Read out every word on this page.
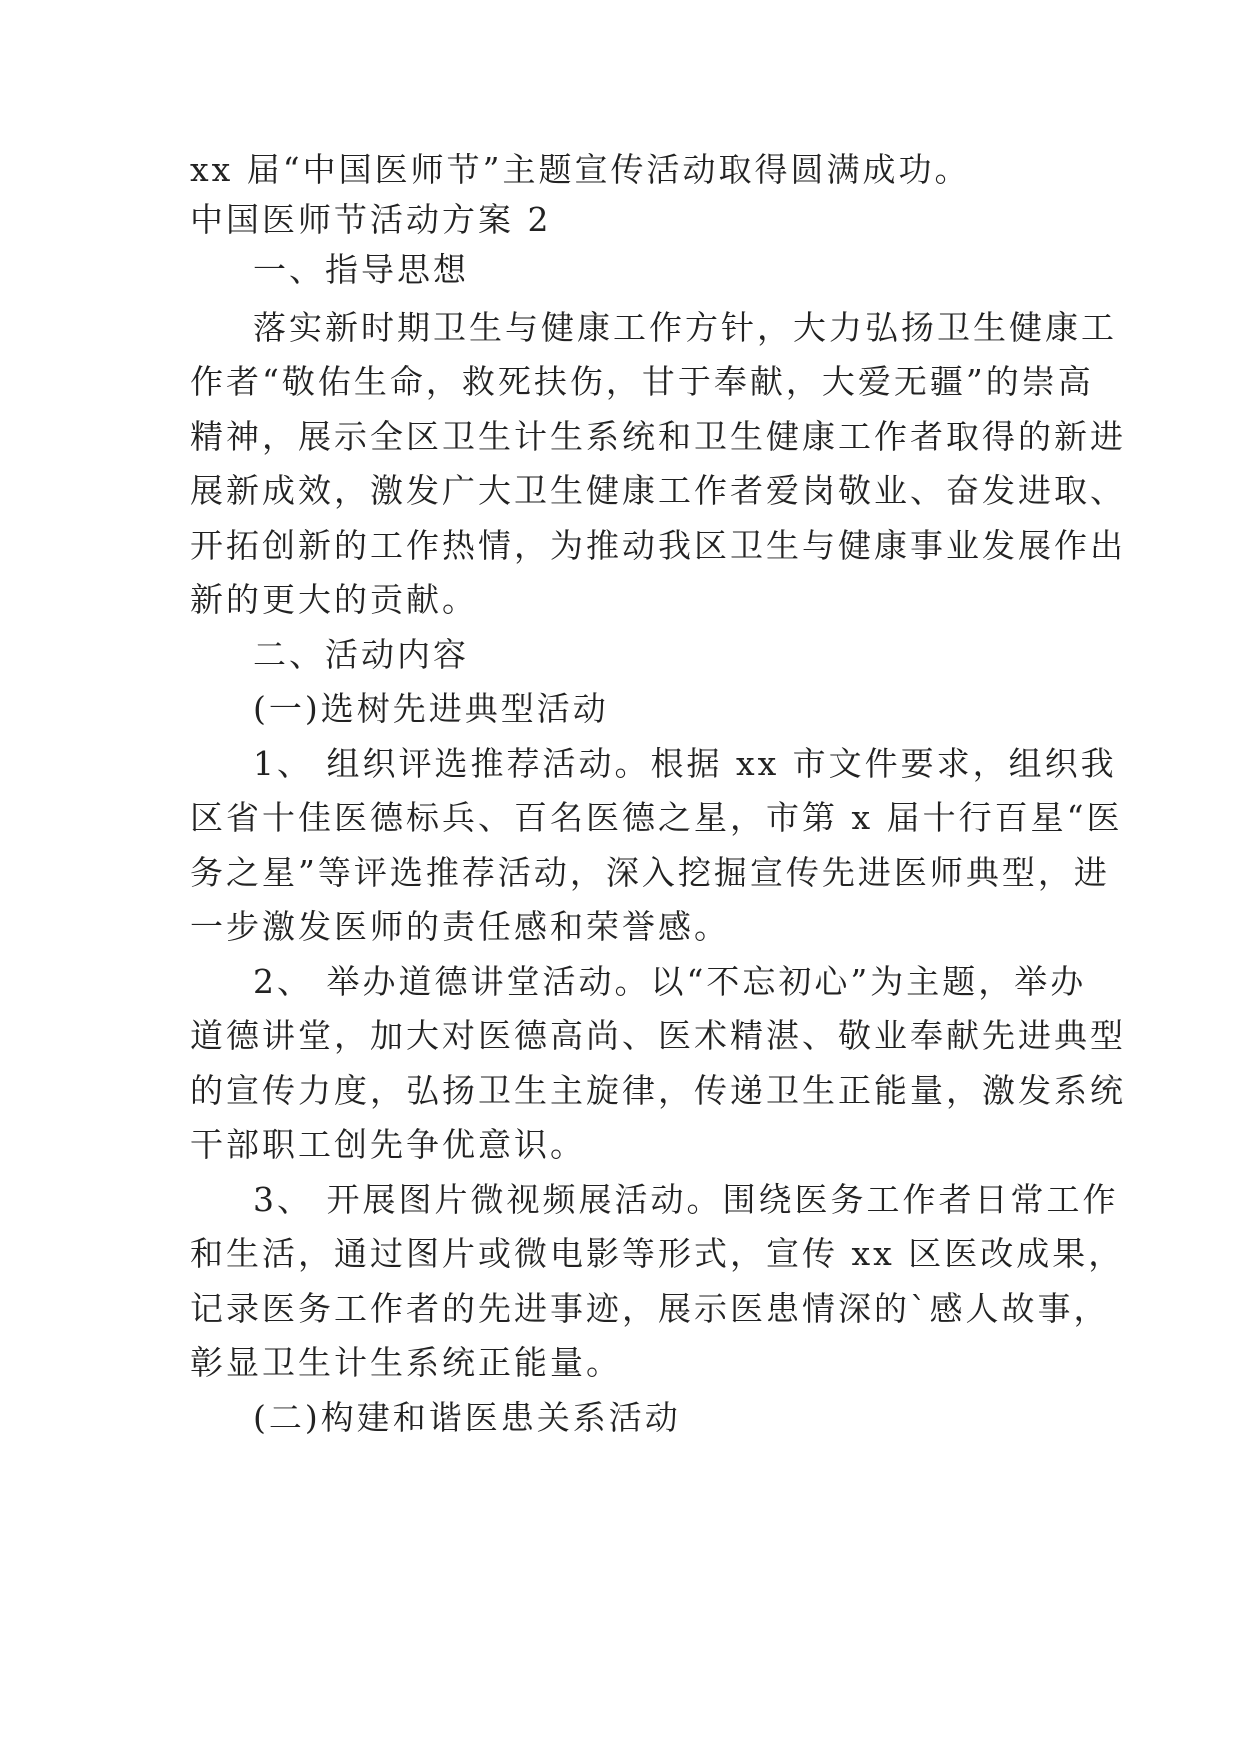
xx 届“中国医师节”主题宣传活动取得圆满成功。
中国医师节活动方案 2
一、指导思想
落实新时期卫生与健康工作方针，大力弘扬卫生健康工
作者“敬佑生命，救死扶伤，甘于奉献，大爱无疆”的崇高
精神，展示全区卫生计生系统和卫生健康工作者取得的新进
展新成效，激发广大卫生健康工作者爱岗敬业、奋发进取、
开拓创新的工作热情，为推动我区卫生与健康事业发展作出
新的更大的贡献。
二、活动内容
(一)选树先进典型活动
1、 组织评选推荐活动。根据 xx 市文件要求，组织我
区省十佳医德标兵、百名医德之星，市第 x 届十行百星“医
务之星”等评选推荐活动，深入挖掘宣传先进医师典型，进
一步激发医师的责任感和荣誉感。
2、 举办道德讲堂活动。以“不忘初心”为主题，举办
道德讲堂，加大对医德高尚、医术精湛、敬业奉献先进典型
的宣传力度，弘扬卫生主旋律，传递卫生正能量，激发系统
干部职工创先争优意识。
3、 开展图片微视频展活动。围绕医务工作者日常工作
和生活，通过图片或微电影等形式，宣传 xx 区医改成果，
记录医务工作者的先进事迹，展示医患情深的`感人故事，
彰显卫生计生系统正能量。
(二)构建和谐医患关系活动
